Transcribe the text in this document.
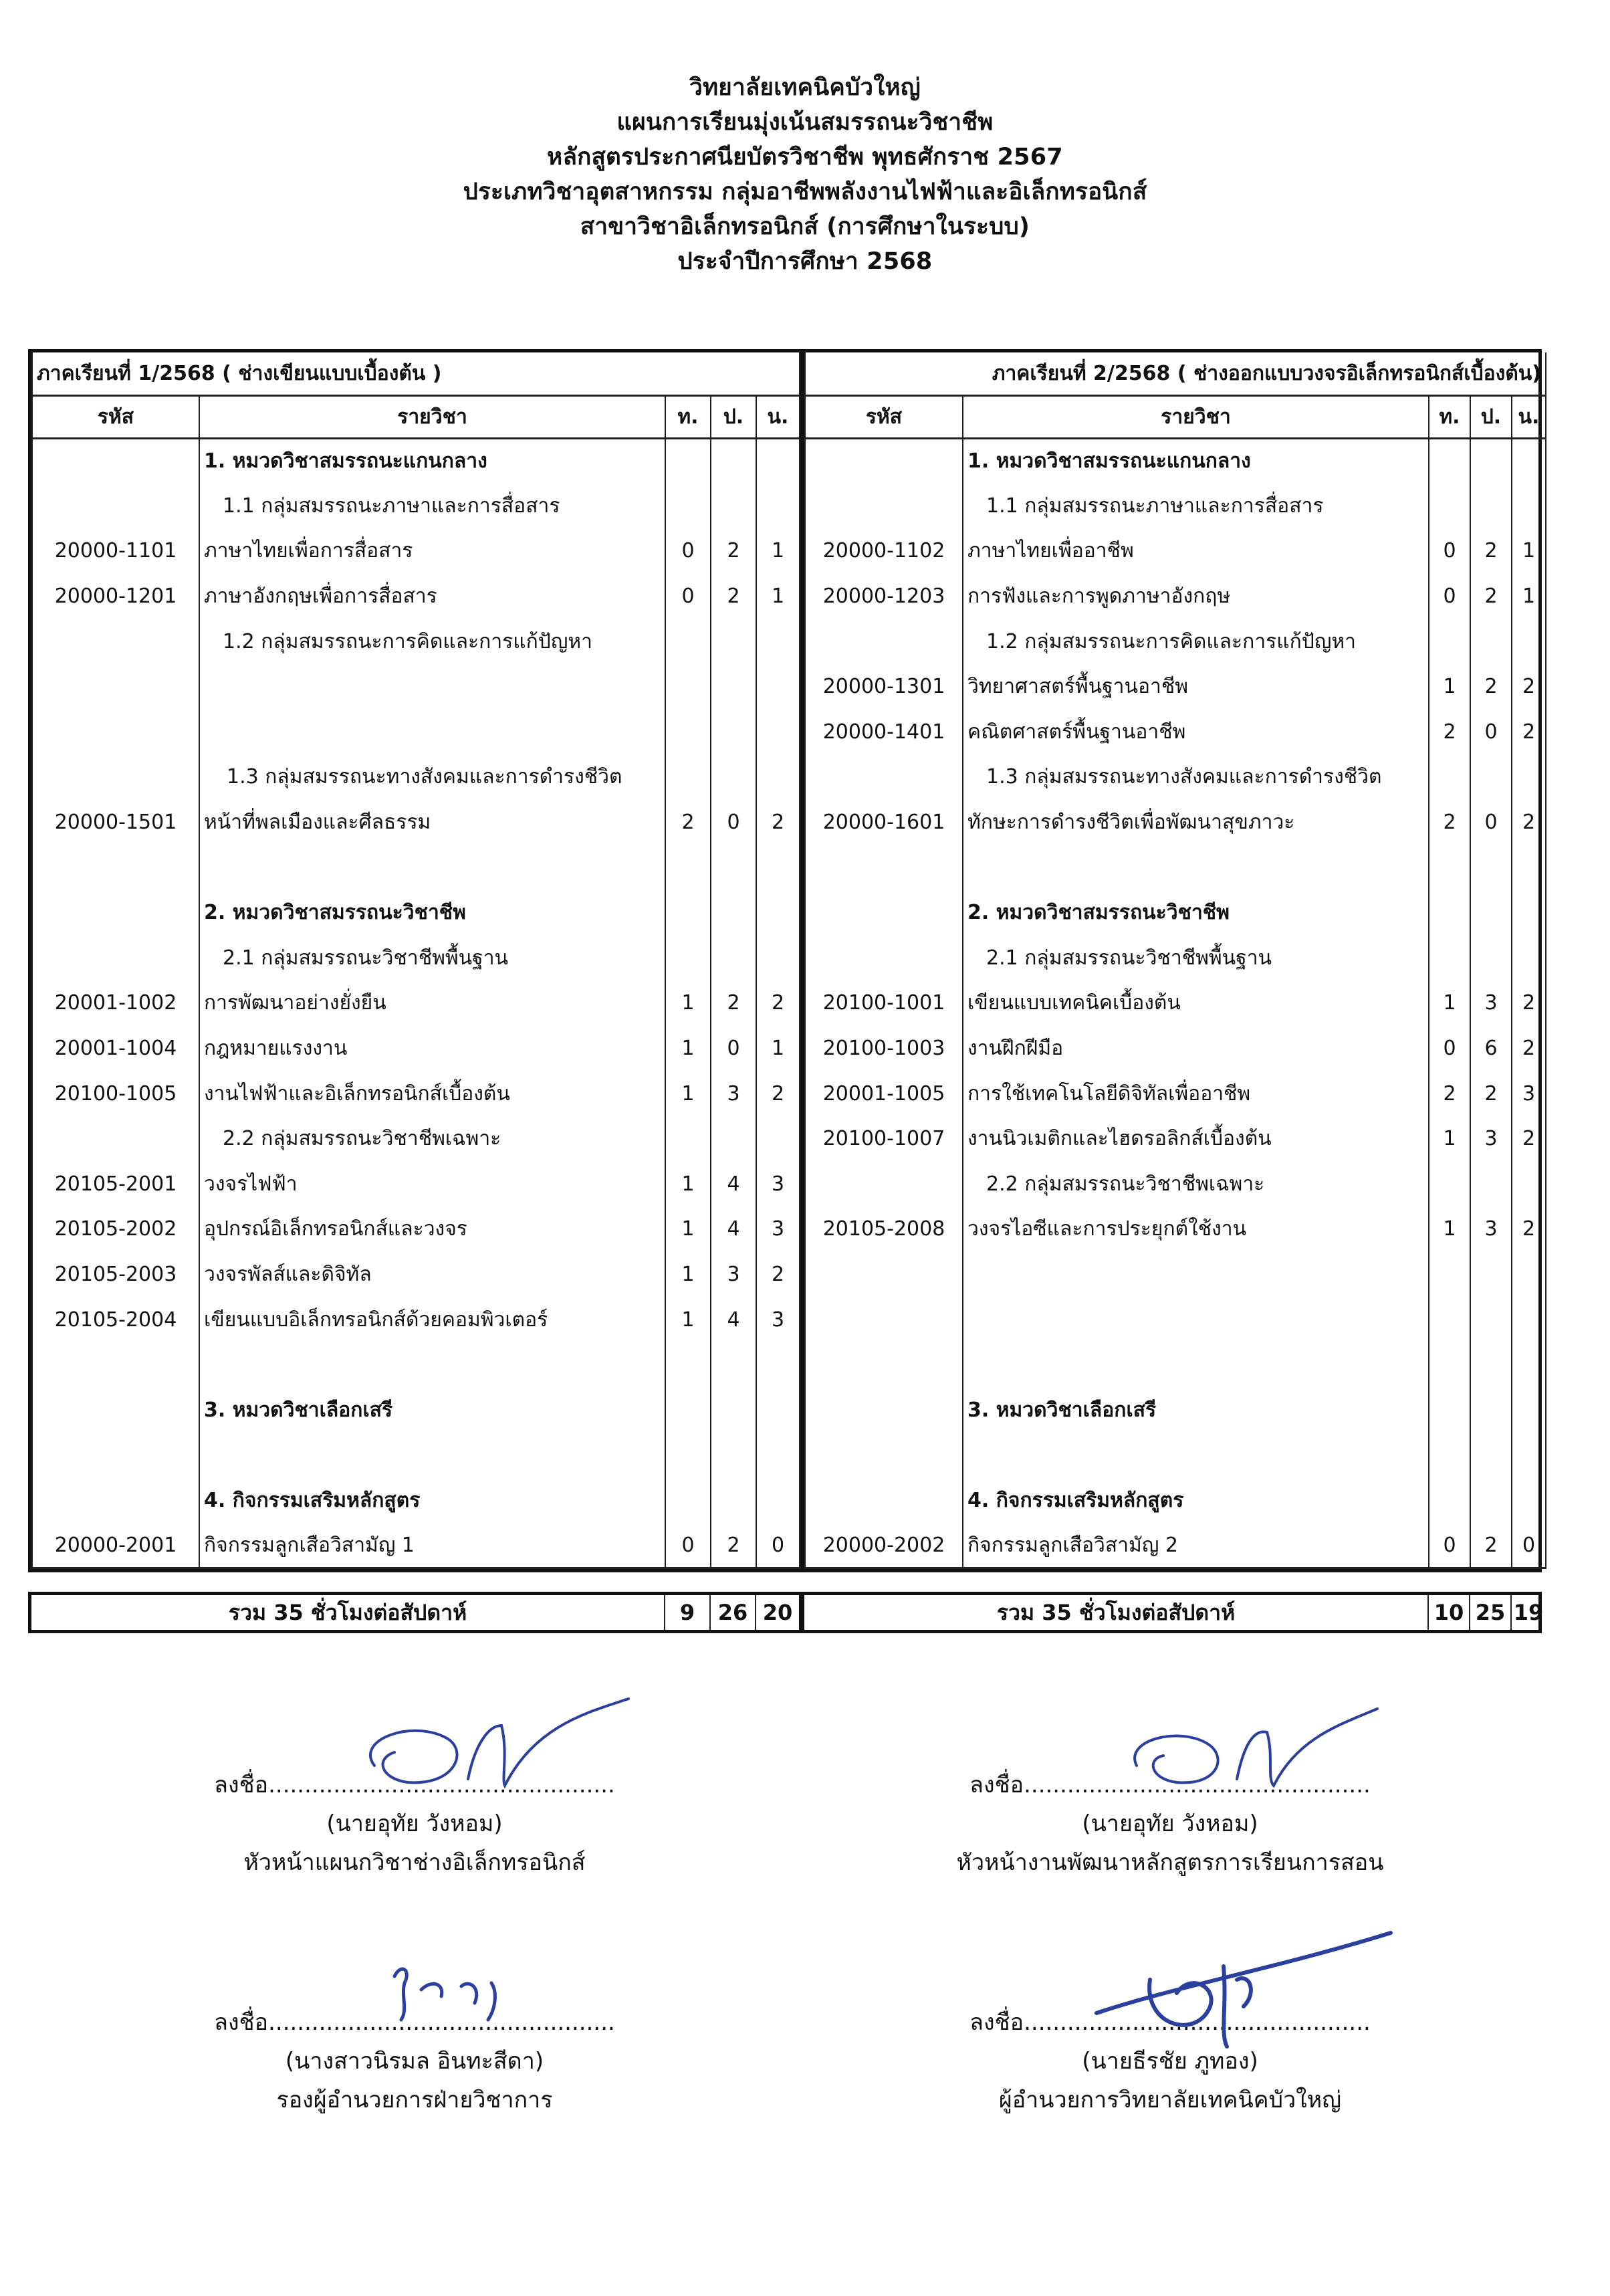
วิทยาลัยเทคนิคบัวใหญ่
แผนการเรียนมุ่งเน้นสมรรถนะวิชาชีพ
หลักสูตรประกาศนียบัตรวิชาชีพ พุทธศักราช 2567
ประเภทวิชาอุตสาหกรรม กลุ่มอาชีพพลังงานไฟฟ้าและอิเล็กทรอนิกส์
สาขาวิชาอิเล็กทรอนิกส์ (การศึกษาในระบบ)
ประจำปีการศึกษา 2568
ภาคเรียนที่ 1/2568 ( ช่างเขียนแบบเบื้องต้น )				
รหัส	รายวิชา	ท.	ป.	น.
	1. หมวดวิชาสมรรถนะแกนกลาง			
	1.1 กลุ่มสมรรถนะภาษาและการสื่อสาร			
20000-1101	ภาษาไทยเพื่อการสื่อสาร	0	2	1
20000-1201	ภาษาอังกฤษเพื่อการสื่อสาร	0	2	1
	1.2 กลุ่มสมรรถนะการคิดและการแก้ปัญหา			

	1.3 กลุ่มสมรรถนะทางสังคมและการดำรงชีวิต			
20000-1501	หน้าที่พลเมืองและศีลธรรม	2	0	2

	2. หมวดวิชาสมรรถนะวิชาชีพ			
	2.1 กลุ่มสมรรถนะวิชาชีพพื้นฐาน			
20001-1002	การพัฒนาอย่างยั่งยืน	1	2	2
20001-1004	กฎหมายแรงงาน	1	0	1
20100-1005	งานไฟฟ้าและอิเล็กทรอนิกส์เบื้องต้น	1	3	2
	2.2 กลุ่มสมรรถนะวิชาชีพเฉพาะ			
20105-2001	วงจรไฟฟ้า	1	4	3
20105-2002	อุปกรณ์อิเล็กทรอนิกส์และวงจร	1	4	3
20105-2003	วงจรพัลส์และดิจิทัล	1	3	2
20105-2004	เขียนแบบอิเล็กทรอนิกส์ด้วยคอมพิวเตอร์	1	4	3

	3. หมวดวิชาเลือกเสรี			

	4. กิจกรรมเสริมหลักสูตร			
20000-2001	กิจกรรมลูกเสือวิสามัญ 1	0	2	0
ภาคเรียนที่ 2/2568 ( ช่างออกแบบวงจรอิเล็กทรอนิกส์เบื้องต้น)				
รหัส	รายวิชา	ท.	ป.	น.
	1. หมวดวิชาสมรรถนะแกนกลาง			
	1.1 กลุ่มสมรรถนะภาษาและการสื่อสาร			
20000-1102	ภาษาไทยเพื่ออาชีพ	0	2	1
20000-1203	การฟังและการพูดภาษาอังกฤษ	0	2	1
	1.2 กลุ่มสมรรถนะการคิดและการแก้ปัญหา			
20000-1301	วิทยาศาสตร์พื้นฐานอาชีพ	1	2	2
20000-1401	คณิตศาสตร์พื้นฐานอาชีพ	2	0	2
	1.3 กลุ่มสมรรถนะทางสังคมและการดำรงชีวิต			
20000-1601	ทักษะการดำรงชีวิตเพื่อพัฒนาสุขภาวะ	2	0	2

	2. หมวดวิชาสมรรถนะวิชาชีพ			
	2.1 กลุ่มสมรรถนะวิชาชีพพื้นฐาน			
20100-1001	เขียนแบบเทคนิคเบื้องต้น	1	3	2
20100-1003	งานฝึกฝีมือ	0	6	2
20001-1005	การใช้เทคโนโลยีดิจิทัลเพื่ออาชีพ	2	2	3
20100-1007	งานนิวเมติกและไฮดรอลิกส์เบื้องต้น	1	3	2
	2.2 กลุ่มสมรรถนะวิชาชีพเฉพาะ			
20105-2008	วงจรไอซีและการประยุกต์ใช้งาน	1	3	2

	3. หมวดวิชาเลือกเสรี			

	4. กิจกรรมเสริมหลักสูตร			
20000-2002	กิจกรรมลูกเสือวิสามัญ 2	0	2	0
รวม 35 ชั่วโมงต่อสัปดาห์	9	26	20	รวม 35 ชั่วโมงต่อสัปดาห์	10	25	19
ลงชื่อ................................................
(นายอุทัย วังหอม)
หัวหน้าแผนกวิชาช่างอิเล็กทรอนิกส์
ลงชื่อ................................................
(นายอุทัย วังหอม)
หัวหน้างานพัฒนาหลักสูตรการเรียนการสอน
ลงชื่อ................................................
(นางสาวนิรมล อินทะสีดา)
รองผู้อำนวยการฝ่ายวิชาการ
ลงชื่อ................................................
(นายธีรชัย ภูทอง)
ผู้อำนวยการวิทยาลัยเทคนิคบัวใหญ่
